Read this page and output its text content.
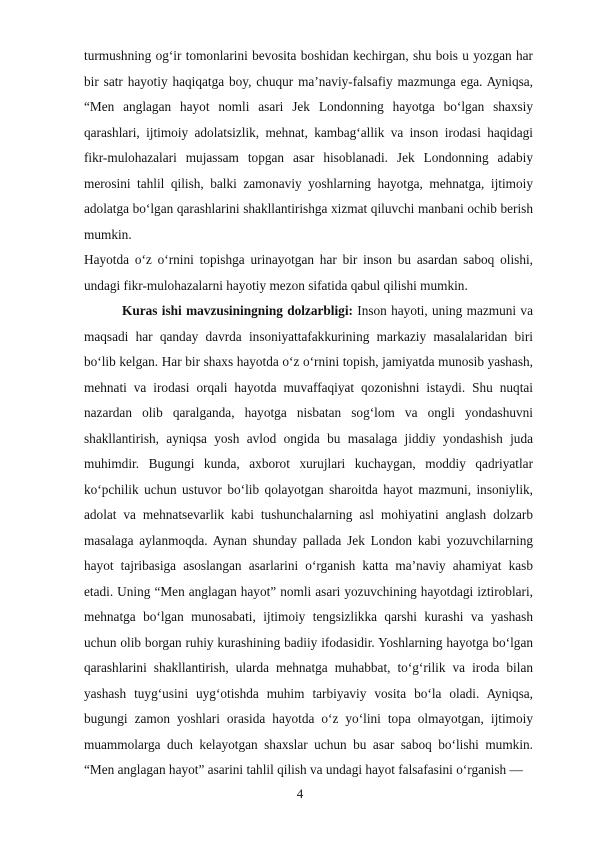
turmushning og‘ir tomonlarini bevosita boshidan kechirgan, shu bois u yozgan har bir satr hayotiy haqiqatga boy, chuqur ma’naviy-falsafiy mazmunga ega. Ayniqsa, “Men anglagan hayot nomli asari Jek Londonning hayotga bo‘lgan shaxsiy qarashlari, ijtimoiy adolatsizlik, mehnat, kambag‘allik va inson irodasi haqidagi fikr-mulohazalari mujassam topgan asar hisoblanadi. Jek Londonning adabiy merosini tahlil qilish, balki zamonaviy yoshlarning hayotga, mehnatga, ijtimoiy adolatga bo‘lgan qarashlarini shakllantirishga xizmat qiluvchi manbani ochib berish mumkin.

Hayotda o‘z o‘rnini topishga urinayotgan har bir inson bu asardan saboq olishi, undagi fikr-mulohazalarni hayotiy mezon sifatida qabul qilishi mumkin.

Kuras ishi mavzusiningning dolzarbligi: Inson hayoti, uning mazmuni va maqsadi har qanday davrda insoniyattafakkurining markaziy masalalaridan biri bo‘lib kelgan. Har bir shaxs hayotda o‘z o‘rnini topish, jamiyatda munosib yashash, mehnati va irodasi orqali hayotda muvaffaqiyat qozonishni istaydi. Shu nuqtai nazardan olib qaralganda, hayotga nisbatan sog‘lom va ongli yondashuvni shakllantirish, ayniqsa yosh avlod ongida bu masalaga jiddiy yondashish juda muhimdir. Bugungi kunda, axborot xurujlari kuchaygan, moddiy qadriyatlar ko‘pchilik uchun ustuvor bo‘lib qolayotgan sharoitda hayot mazmuni, insoniylik, adolat va mehnatsevarlik kabi tushunchalarning asl mohiyatini anglash dolzarb masalaga aylanmoqda. Aynan shunday pallada Jek London kabi yozuvchilarning hayot tajribasiga asoslangan asarlarini o‘rganish katta ma’naviy ahamiyat kasb etadi. Uning “Men anglagan hayot” nomli asari yozuvchining hayotdagi iztiroblari, mehnatga bo‘lgan munosabati, ijtimoiy tengsizlikka qarshi kurashi va yashash uchun olib borgan ruhiy kurashining badiiy ifodasidir. Yoshlarning hayotga bo‘lgan qarashlarini shakllantirish, ularda mehnatga muhabbat, to‘g‘rilik va iroda bilan yashash tuyg‘usini uyg‘otishda muhim tarbiyaviy vosita bo‘la oladi. Ayniqsa, bugungi zamon yoshlari orasida hayotda o‘z yo‘lini topa olmayotgan, ijtimoiy muammolarga duch kelayotgan shaxslar uchun bu asar saboq bo‘lishi mumkin. “Men anglagan hayot” asarini tahlil qilish va undagi hayot falsafasini o‘rganish —

4
